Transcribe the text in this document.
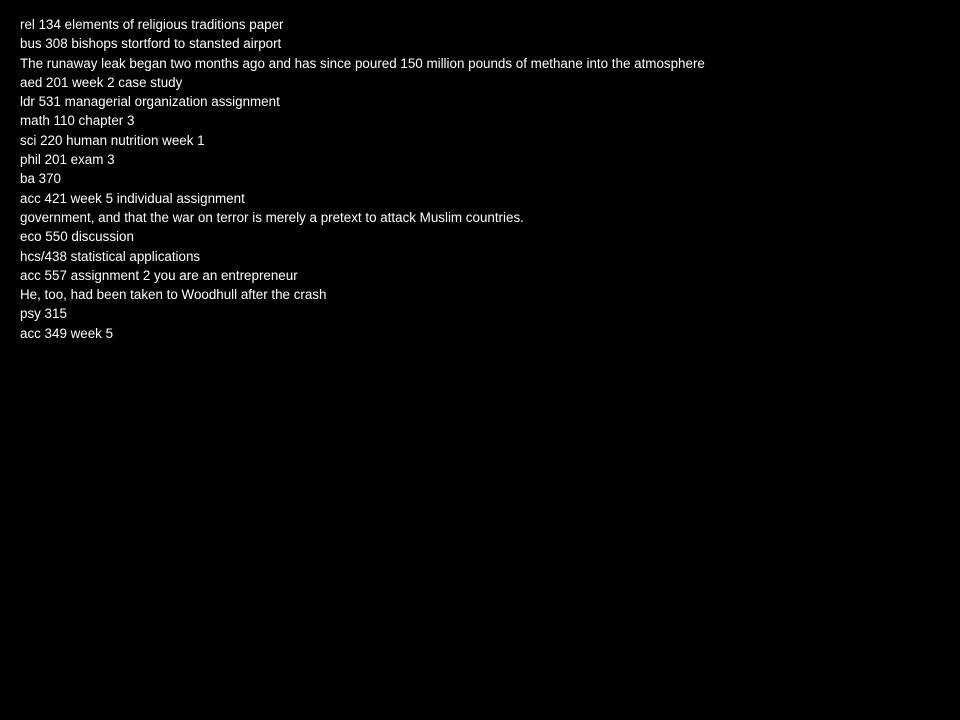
rel 134 elements of religious traditions paper
bus 308 bishops stortford to stansted airport
The runaway leak began two months ago and has since poured 150 million pounds of methane into the atmosphere
aed 201 week 2 case study
ldr 531 managerial organization assignment
math 110 chapter 3
sci 220 human nutrition week 1
phil 201 exam 3
ba 370
acc 421 week 5 individual assignment
government, and that the war on terror is merely a pretext to attack Muslim countries.
eco 550 discussion
hcs/438 statistical applications
acc 557 assignment 2 you are an entrepreneur
He, too, had been taken to Woodhull after the crash
psy 315
acc 349 week 5
